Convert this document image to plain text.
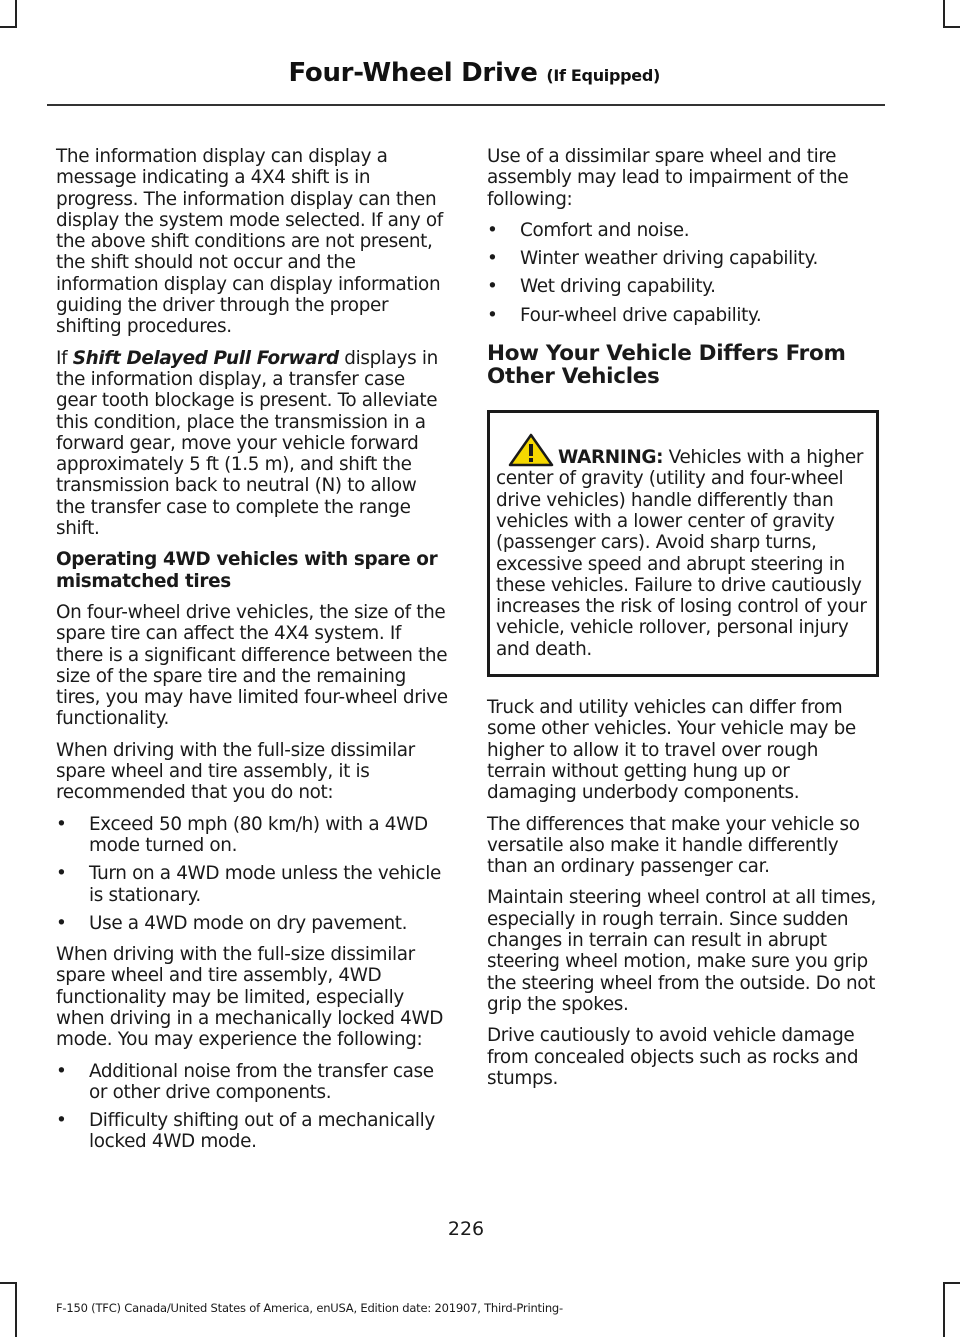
Four-Wheel Drive (If Equipped)

The information display can display a message indicating a 4X4 shift is in progress. The information display can then display the system mode selected. If any of the above shift conditions are not present, the shift should not occur and the information display can display information guiding the driver through the proper shifting procedures.

If Shift Delayed Pull Forward displays in the information display, a transfer case gear tooth blockage is present. To alleviate this condition, place the transmission in a forward gear, move your vehicle forward approximately 5 ft (1.5 m), and shift the transmission back to neutral (N) to allow the transfer case to complete the range shift.

Operating 4WD vehicles with spare or mismatched tires

On four-wheel drive vehicles, the size of the spare tire can affect the 4X4 system. If there is a significant difference between the size of the spare tire and the remaining tires, you may have limited four-wheel drive functionality.

When driving with the full-size dissimilar spare wheel and tire assembly, it is recommended that you do not:

• Exceed 50 mph (80 km/h) with a 4WD mode turned on.
• Turn on a 4WD mode unless the vehicle is stationary.
• Use a 4WD mode on dry pavement.

When driving with the full-size dissimilar spare wheel and tire assembly, 4WD functionality may be limited, especially when driving in a mechanically locked 4WD mode. You may experience the following:

• Additional noise from the transfer case or other drive components.
• Difficulty shifting out of a mechanically locked 4WD mode.

Use of a dissimilar spare wheel and tire assembly may lead to impairment of the following:

• Comfort and noise.
• Winter weather driving capability.
• Wet driving capability.
• Four-wheel drive capability.
How Your Vehicle Differs From Other Vehicles
WARNING: Vehicles with a higher center of gravity (utility and four-wheel drive vehicles) handle differently than vehicles with a lower center of gravity (passenger cars). Avoid sharp turns, excessive speed and abrupt steering in these vehicles. Failure to drive cautiously increases the risk of losing control of your vehicle, vehicle rollover, personal injury and death.

Truck and utility vehicles can differ from some other vehicles. Your vehicle may be higher to allow it to travel over rough terrain without getting hung up or damaging underbody components.

The differences that make your vehicle so versatile also make it handle differently than an ordinary passenger car.

Maintain steering wheel control at all times, especially in rough terrain. Since sudden changes in terrain can result in abrupt steering wheel motion, make sure you grip the steering wheel from the outside. Do not grip the spokes.

Drive cautiously to avoid vehicle damage from concealed objects such as rocks and stumps.

226
F-150 (TFC) Canada/United States of America, enUSA, Edition date: 201907, Third-Printing-
